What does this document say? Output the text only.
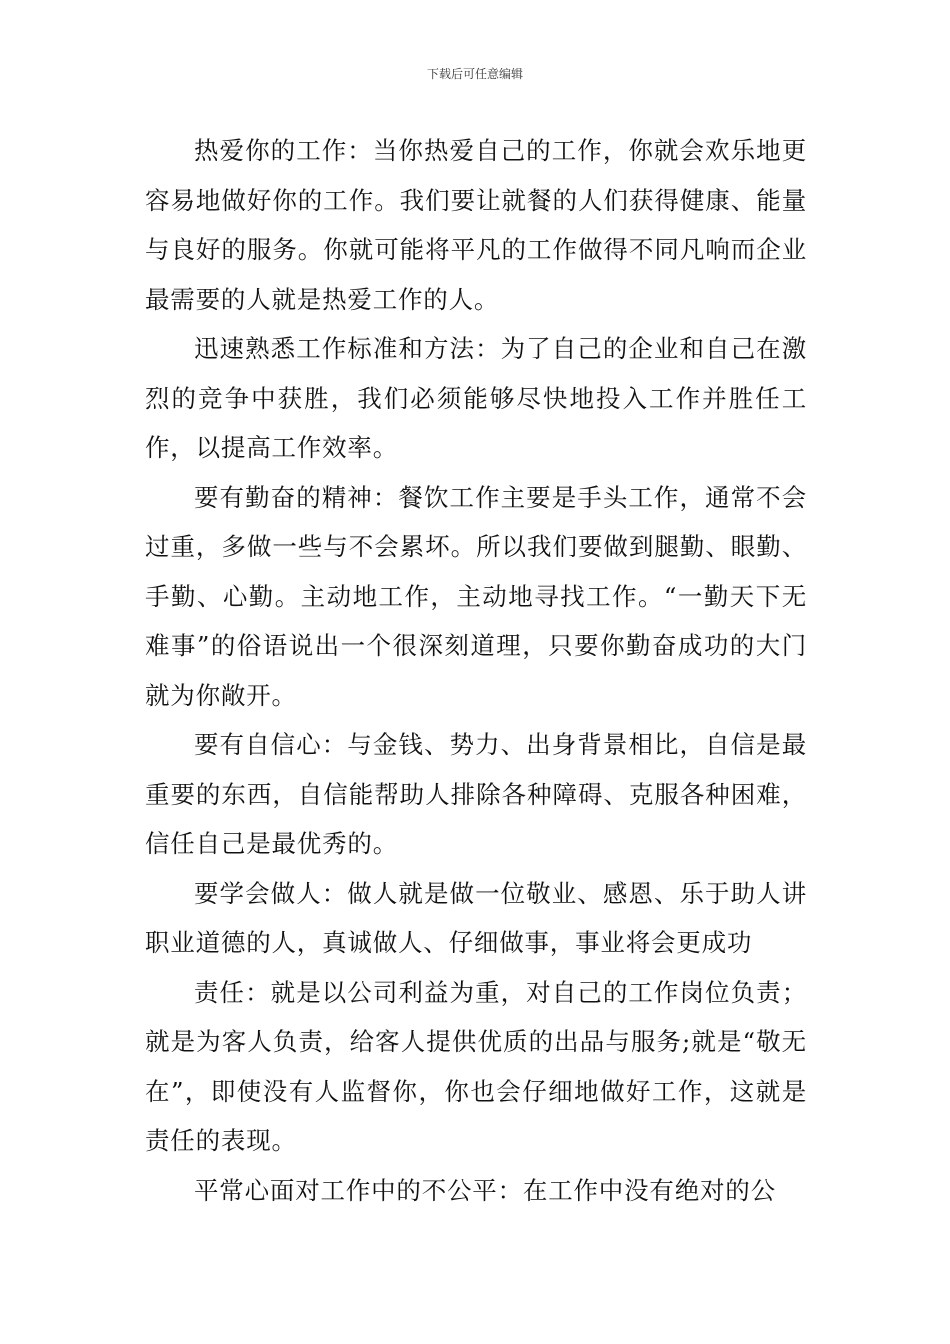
下载后可任意编辑

热爱你的工作：当你热爱自己的工作，你就会欢乐地更容易地做好你的工作。我们要让就餐的人们获得健康、能量与良好的服务。你就可能将平凡的工作做得不同凡响而企业最需要的人就是热爱工作的人。

迅速熟悉工作标准和方法：为了自己的企业和自己在激烈的竞争中获胜，我们必须能够尽快地投入工作并胜任工作，以提高工作效率。

要有勤奋的精神：餐饮工作主要是手头工作，通常不会过重，多做一些与不会累坏。所以我们要做到腿勤、眼勤、手勤、心勤。主动地工作，主动地寻找工作。“一勤天下无难事”的俗语说出一个很深刻道理，只要你勤奋成功的大门就为你敞开。

要有自信心：与金钱、势力、出身背景相比，自信是最重要的东西，自信能帮助人排除各种障碍、克服各种困难，信任自己是最优秀的。

要学会做人：做人就是做一位敬业、感恩、乐于助人讲职业道德的人，真诚做人、仔细做事，事业将会更成功

责任：就是以公司利益为重，对自己的工作岗位负责；就是为客人负责，给客人提供优质的出品与服务;就是“敬无在”，即使没有人监督你，你也会仔细地做好工作，这就是责任的表现。

平常心面对工作中的不公平：在工作中没有绝对的公
